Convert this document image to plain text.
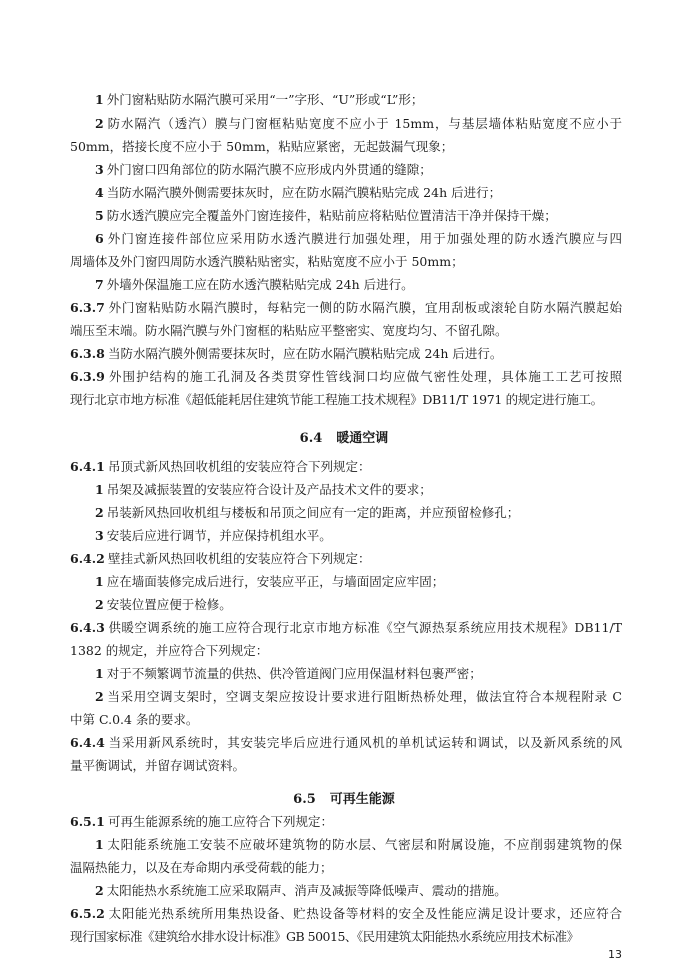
1 外门窗粘贴防水隔汽膜可采用“一”字形、“U”形或“L”形；
2 防水隔汽（透汽）膜与门窗框粘贴宽度不应小于 15mm，与基层墙体粘贴宽度不应小于
50mm，搭接长度不应小于 50mm，粘贴应紧密，无起鼓漏气现象；
3 外门窗口四角部位的防水隔汽膜不应形成内外贯通的缝隙；
4 当防水隔汽膜外侧需要抹灰时，应在防水隔汽膜粘贴完成 24h 后进行；
5 防水透汽膜应完全覆盖外门窗连接件，粘贴前应将粘贴位置清洁干净并保持干燥；
6 外门窗连接件部位应采用防水透汽膜进行加强处理，用于加强处理的防水透汽膜应与四
周墙体及外门窗四周防水透汽膜粘贴密实，粘贴宽度不应小于 50mm；
7 外墙外保温施工应在防水透汽膜粘贴完成 24h 后进行。
6.3.7 外门窗粘贴防水隔汽膜时，每粘完一侧的防水隔汽膜，宜用刮板或滚轮自防水隔汽膜起始
端压至末端。防水隔汽膜与外门窗框的粘贴应平整密实、宽度均匀、不留孔隙。
6.3.8 当防水隔汽膜外侧需要抹灰时，应在防水隔汽膜粘贴完成 24h 后进行。
6.3.9 外围护结构的施工孔洞及各类贯穿性管线洞口均应做气密性处理，具体施工工艺可按照
现行北京市地方标准《超低能耗居住建筑节能工程施工技术规程》DB11/T 1971 的规定进行施工。
6.4 暖通空调
6.4.1 吊顶式新风热回收机组的安装应符合下列规定：
1 吊架及减振装置的安装应符合设计及产品技术文件的要求；
2 吊装新风热回收机组与楼板和吊顶之间应有一定的距离，并应预留检修孔；
3 安装后应进行调节，并应保持机组水平。
6.4.2 壁挂式新风热回收机组的安装应符合下列规定：
1 应在墙面装修完成后进行，安装应平正，与墙面固定应牢固；
2 安装位置应便于检修。
6.4.3 供暖空调系统的施工应符合现行北京市地方标准《空气源热泵系统应用技术规程》DB11/T
1382 的规定，并应符合下列规定：
1 对于不频繁调节流量的供热、供冷管道阀门应用保温材料包裹严密；
2 当采用空调支架时，空调支架应按设计要求进行阻断热桥处理，做法宜符合本规程附录 C
中第 C.0.4 条的要求。
6.4.4 当采用新风系统时，其安装完毕后应进行通风机的单机试运转和调试，以及新风系统的风
量平衡调试，并留存调试资料。
6.5 可再生能源
6.5.1 可再生能源系统的施工应符合下列规定：
1 太阳能系统施工安装不应破坏建筑物的防水层、气密层和附属设施，不应削弱建筑物的保
温隔热能力，以及在寿命期内承受荷载的能力；
2 太阳能热水系统施工应采取隔声、消声及减振等降低噪声、震动的措施。
6.5.2 太阳能光热系统所用集热设备、贮热设备等材料的安全及性能应满足设计要求，还应符合
现行国家标准《建筑给水排水设计标准》GB 50015、《民用建筑太阳能热水系统应用技术标准》
13
